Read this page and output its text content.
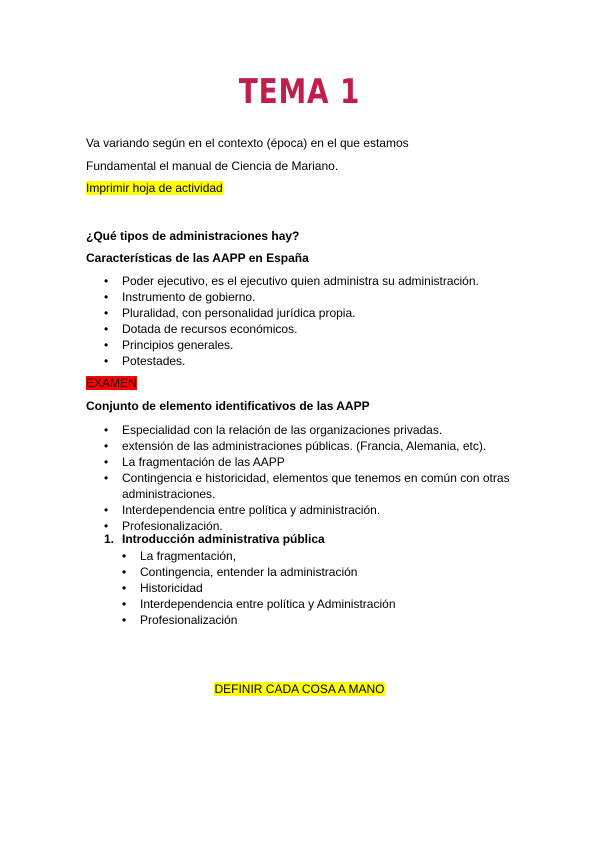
TEMA 1
Va variando según en el contexto (época) en el que estamos
Fundamental el manual de Ciencia de Mariano.
Imprimir hoja de actividad
¿Qué tipos de administraciones hay?
Características de las AAPP en España
• Poder ejecutivo, es el ejecutivo quien administra su administración.
• Instrumento de gobierno.
• Pluralidad, con personalidad jurídica propia.
• Dotada de recursos económicos.
• Principios generales.
• Potestades.
EXAMEN
Conjunto de elemento identificativos de las AAPP
• Especialidad con la relación de las organizaciones privadas.
• extensión de las administraciones públicas. (Francia, Alemania, etc).
• La fragmentación de las AAPP
• Contingencia e historicidad, elementos que tenemos en común con otras
administraciones.
• Interdependencia entre política y administración.
• Profesionalización.
1. Introducción administrativa pública
• La fragmentación,
• Contingencia, entender la administración
• Historicidad
• Interdependencia entre política y Administración
• Profesionalización
DEFINIR CADA COSA A MANO
